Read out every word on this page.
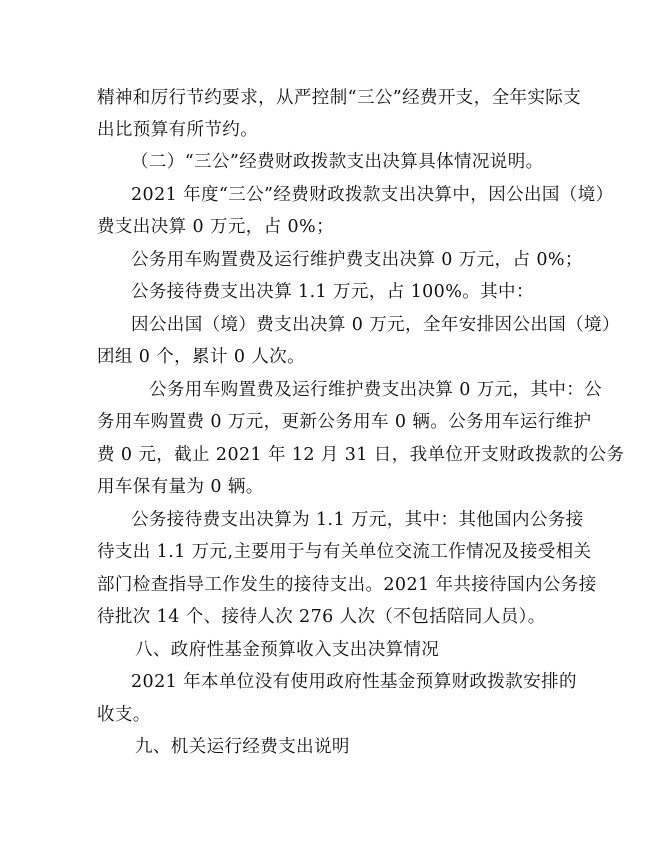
精神和厉行节约要求，从严控制“三公”经费开支，全年实际支
出比预算有所节约。
（二）“三公”经费财政拨款支出决算具体情况说明。
2021 年度“三公”经费财政拨款支出决算中，因公出国（境）
费支出决算 0 万元，占 0%；
公务用车购置费及运行维护费支出决算 0 万元，占 0%；
公务接待费支出决算 1.1 万元，占 100%。其中：
因公出国（境）费支出决算 0 万元，全年安排因公出国（境）
团组 0 个，累计 0 人次。
公务用车购置费及运行维护费支出决算 0 万元，其中：公
务用车购置费 0 万元，更新公务用车 0 辆。公务用车运行维护
费 0 元，截止 2021 年 12 月 31 日，我单位开支财政拨款的公务
用车保有量为 0 辆。
公务接待费支出决算为 1.1 万元，其中：其他国内公务接
待支出 1.1 万元,主要用于与有关单位交流工作情况及接受相关
部门检查指导工作发生的接待支出。2021 年共接待国内公务接
待批次 14 个、接待人次 276 人次（不包括陪同人员）。
八、政府性基金预算收入支出决算情况
2021 年本单位没有使用政府性基金预算财政拨款安排的
收支。
九、机关运行经费支出说明
